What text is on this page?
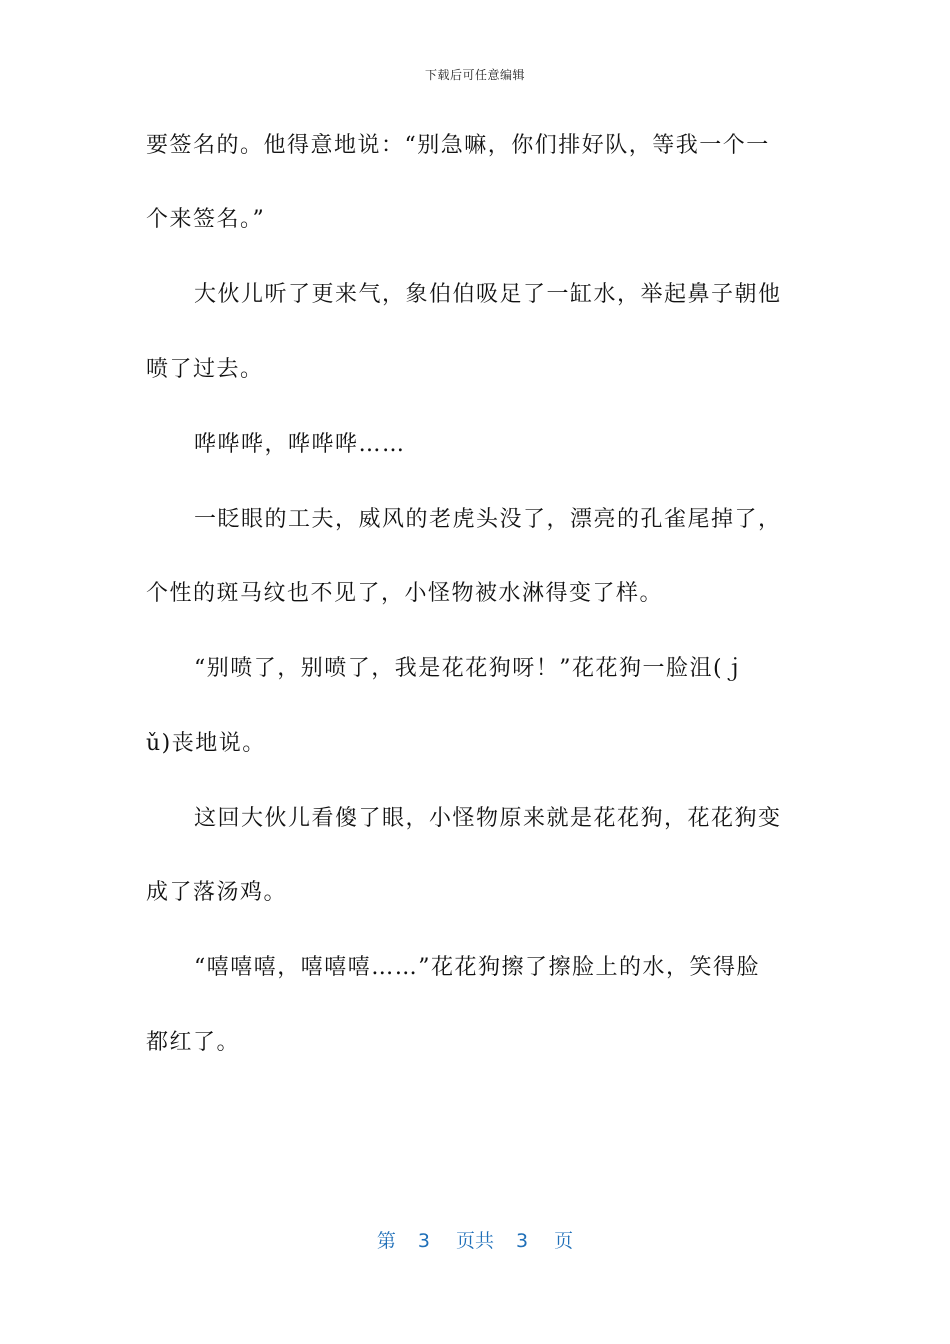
下载后可任意编辑
要签名的。他得意地说：“别急嘛，你们排好队，等我一个一
个来签名。”
大伙儿听了更来气，象伯伯吸足了一缸水，举起鼻子朝他
喷了过去。
哗哗哗，哗哗哗……
一眨眼的工夫，威风的老虎头没了，漂亮的孔雀尾掉了，
个性的斑马纹也不见了，小怪物被水淋得变了样。
“别喷了，别喷了，我是花花狗呀！”花花狗一脸沮(ｊ
ǔ)丧地说。
这回大伙儿看傻了眼，小怪物原来就是花花狗，花花狗变
成了落汤鸡。
“嘻嘻嘻，嘻嘻嘻……”花花狗擦了擦脸上的水，笑得脸
都红了。
第 3 页共 3 页
